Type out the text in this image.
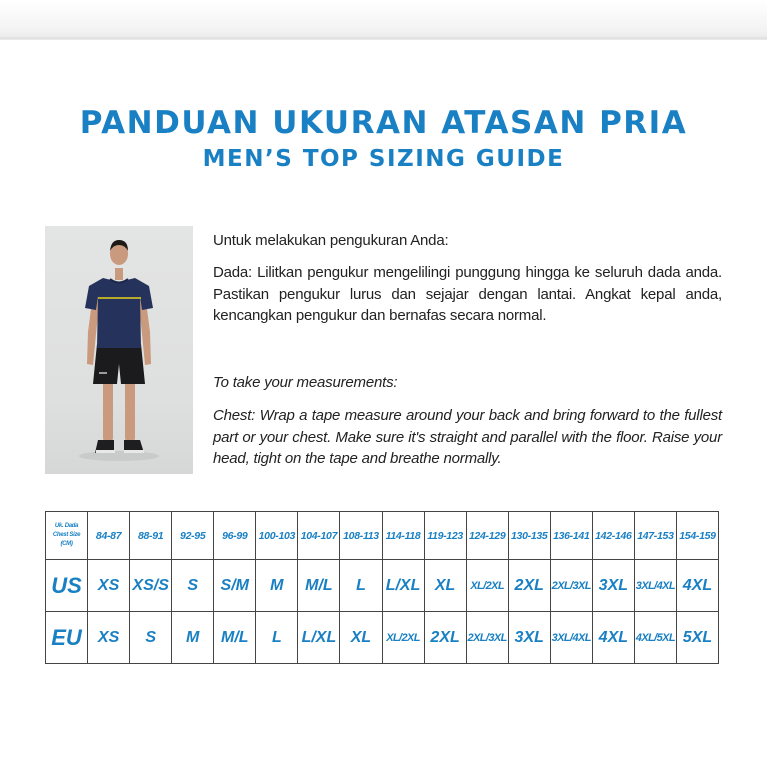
PANDUAN UKURAN ATASAN PRIA
MEN’S TOP SIZING GUIDE
Untuk melakukan pengukuran Anda:
Dada: Lilitkan pengukur mengelilingi punggung hingga ke seluruh dada anda. Pastikan pengukur lurus dan sejajar dengan lantai. Angkat kepal anda, kencangkan pengukur dan bernafas secara normal.
To take your measurements:
Chest: Wrap a tape measure around your back and bring forward to the fullest part or your chest. Make sure it's straight and parallel with the floor. Raise your head, tight on the tape and breathe normally.
Uk. Dada
Chest Size
(CM)	84-87	88-91	92-95	96-99	100-103	104-107	108-113	114-118	119-123	124-129	130-135	136-141	142-146	147-153	154-159
US	XS	XS/S	S	S/M	M	M/L	L	L/XL	XL	XL/2XL	2XL	2XL/3XL	3XL	3XL/4XL	4XL
EU	XS	S	M	M/L	L	L/XL	XL	XL/2XL	2XL	2XL/3XL	3XL	3XL/4XL	4XL	4XL/5XL	5XL
